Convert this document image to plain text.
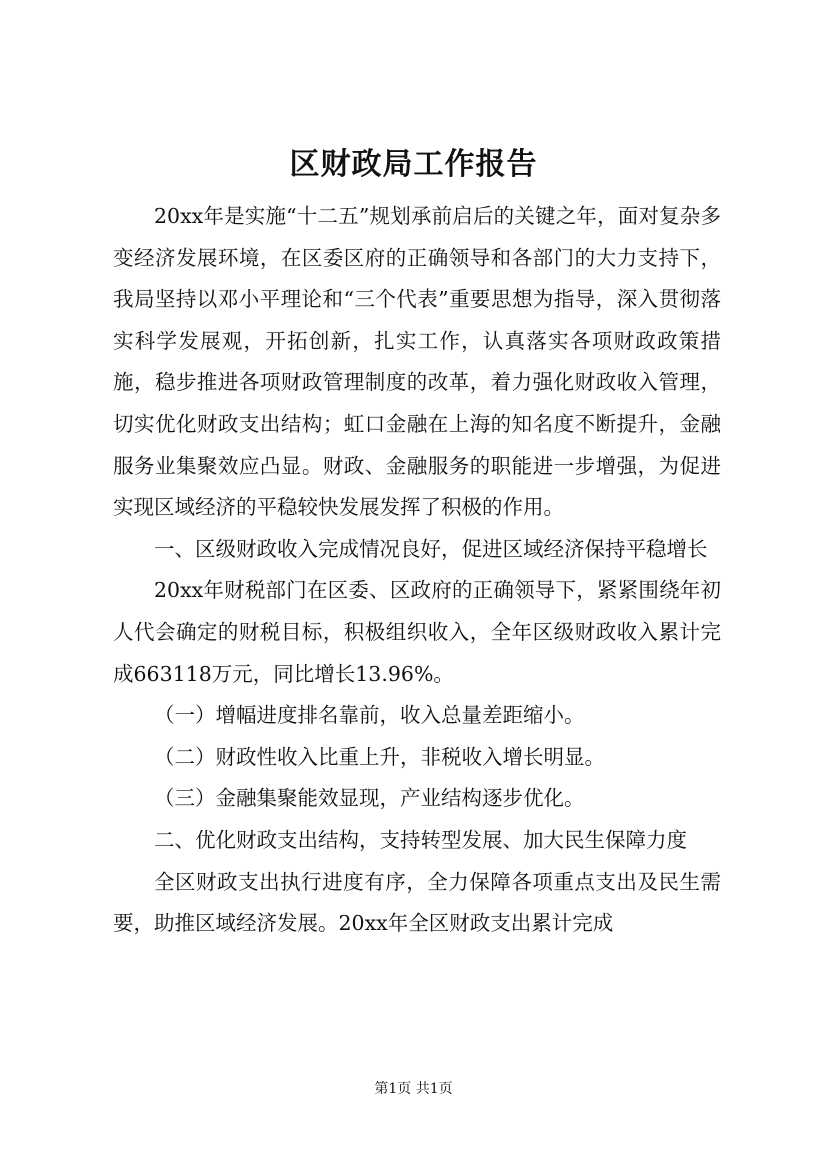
区财政局工作报告

20xx年是实施“十二五”规划承前启后的关键之年，面对复杂多变经济发展环境，在区委区府的正确领导和各部门的大力支持下，我局坚持以邓小平理论和“三个代表”重要思想为指导，深入贯彻落实科学发展观，开拓创新，扎实工作，认真落实各项财政政策措施，稳步推进各项财政管理制度的改革，着力强化财政收入管理，切实优化财政支出结构；虹口金融在上海的知名度不断提升，金融服务业集聚效应凸显。财政、金融服务的职能进一步增强，为促进实现区域经济的平稳较快发展发挥了积极的作用。

一、区级财政收入完成情况良好，促进区域经济保持平稳增长

20xx年财税部门在区委、区政府的正确领导下，紧紧围绕年初人代会确定的财税目标，积极组织收入，全年区级财政收入累计完成663118万元，同比增长13.96%。

（一）增幅进度排名靠前，收入总量差距缩小。

（二）财政性收入比重上升，非税收入增长明显。

（三）金融集聚能效显现，产业结构逐步优化。

二、优化财政支出结构，支持转型发展、加大民生保障力度

全区财政支出执行进度有序，全力保障各项重点支出及民生需要，助推区域经济发展。20xx年全区财政支出累计完成

第1页 共1页
